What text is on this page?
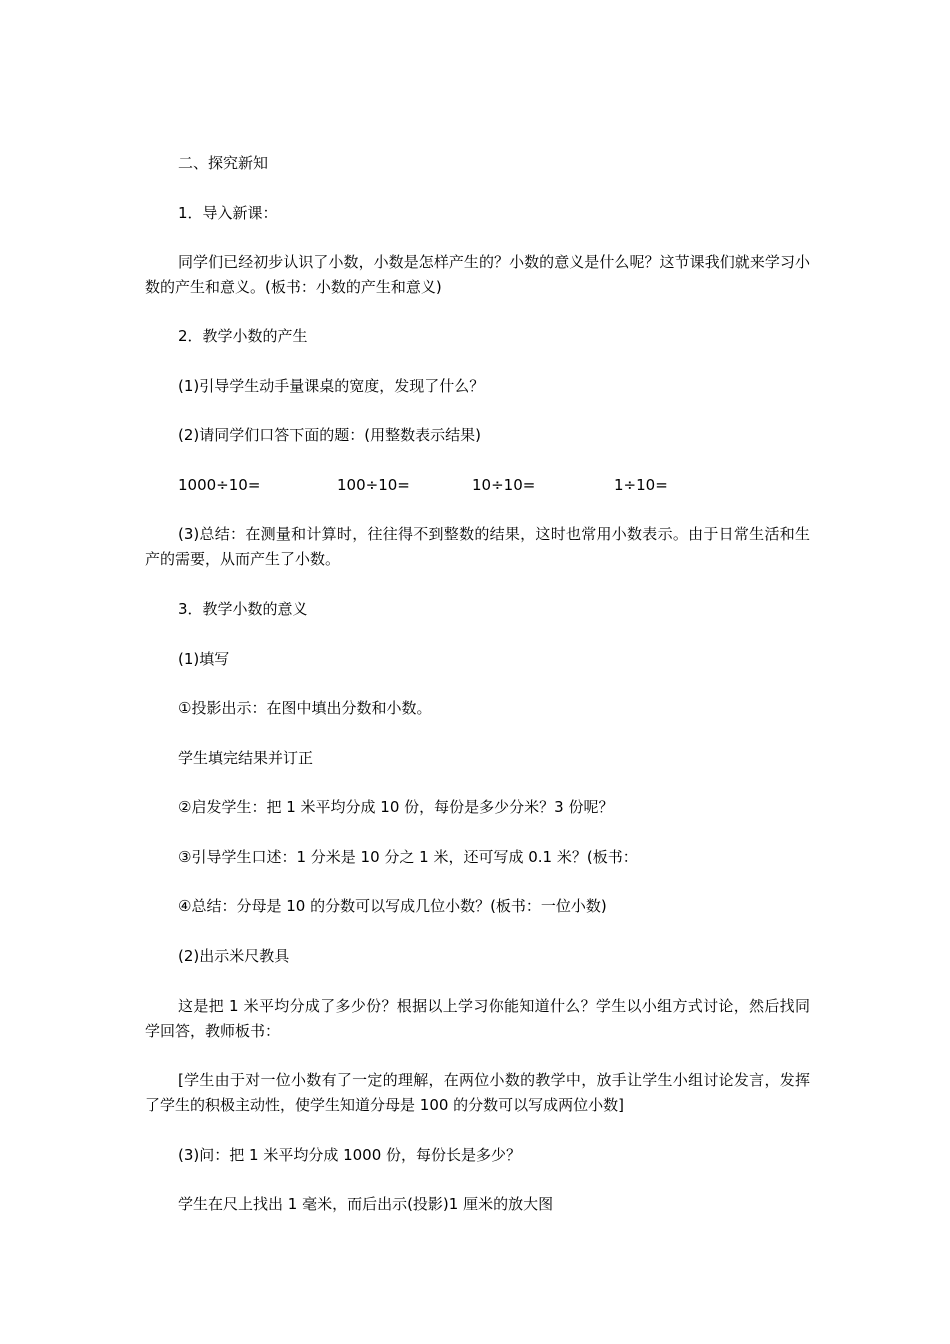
二、探究新知
1．导入新课：
同学们已经初步认识了小数，小数是怎样产生的？小数的意义是什么呢？这节课我们就来学习小数的产生和意义。(板书：小数的产生和意义)
2．教学小数的产生
(1)引导学生动手量课桌的宽度，发现了什么？
(2)请同学们口答下面的题：(用整数表示结果)
1000÷10=	100÷10=	10÷10=	1÷10=
(3)总结：在测量和计算时，往往得不到整数的结果，这时也常用小数表示。由于日常生活和生产的需要，从而产生了小数。
3．教学小数的意义
(1)填写
①投影出示：在图中填出分数和小数。
学生填完结果并订正
②启发学生：把 1 米平均分成 10 份，每份是多少分米？3 份呢？
③引导学生口述：1 分米是 10 分之 1 米，还可写成 0.1 米？(板书：
④总结：分母是 10 的分数可以写成几位小数？(板书：一位小数)
(2)出示米尺教具
这是把 1 米平均分成了多少份？根据以上学习你能知道什么？学生以小组方式讨论，然后找同学回答，教师板书：
[学生由于对一位小数有了一定的理解，在两位小数的教学中，放手让学生小组讨论发言，发挥了学生的积极主动性，使学生知道分母是 100 的分数可以写成两位小数]
(3)问：把 1 米平均分成 1000 份，每份长是多少？
学生在尺上找出 1 毫米，而后出示(投影)1 厘米的放大图
